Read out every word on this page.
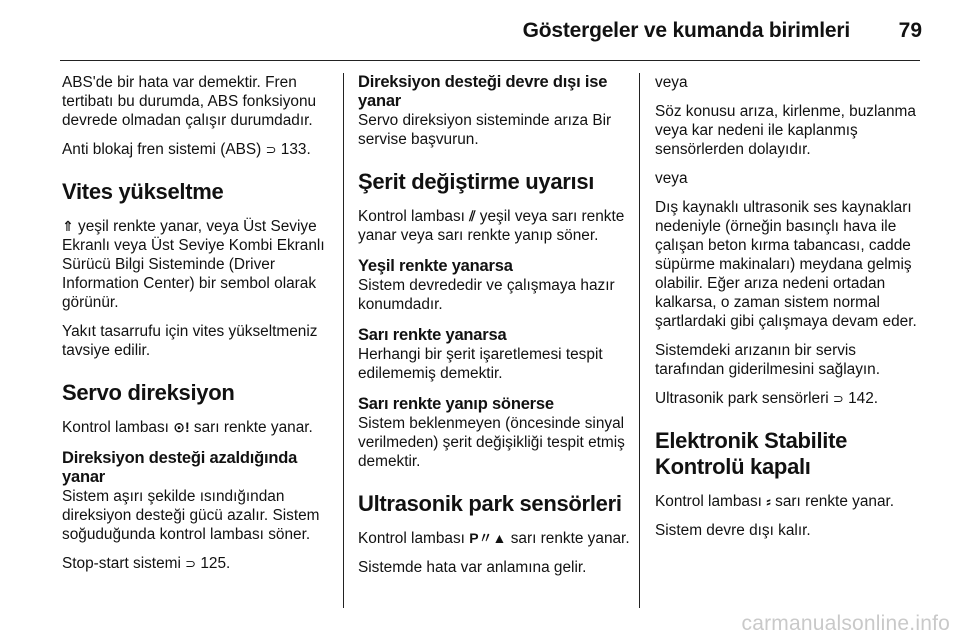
Göstergeler ve kumanda birimleri 79

ABS'de bir hata var demektir. Fren tertibatı bu durumda, ABS fonksiyonu devrede olmadan çalışır durumdadır.

Anti blokaj fren sistemi (ABS) ⊃ 133.

Vites yükseltme

⇑ yeşil renkte yanar, veya Üst Seviye Ekranlı veya Üst Seviye Kombi Ekranlı Sürücü Bilgi Sisteminde (Driver Information Center) bir sembol olarak görünür.

Yakıt tasarrufu için vites yükseltmeniz tavsiye edilir.

Servo direksiyon

Kontrol lambası ⊙! sarı renkte yanar.

Direksiyon desteği azaldığında yanar

Sistem aşırı şekilde ısındığından direksiyon desteği gücü azalır. Sistem soğuduğunda kontrol lambası söner.

Stop-start sistemi ⊃ 125.

Direksiyon desteği devre dışı ise yanar

Servo direksiyon sisteminde arıza Bir servise başvurun.

Şerit değiştirme uyarısı

Kontrol lambası ⫽ yeşil veya sarı renkte yanar veya sarı renkte yanıp söner.

Yeşil renkte yanarsa

Sistem devrededir ve çalışmaya hazır konumdadır.

Sarı renkte yanarsa

Herhangi bir şerit işaretlemesi tespit edilememiş demektir.

Sarı renkte yanıp sönerse

Sistem beklenmeyen (öncesinde sinyal verilmeden) şerit değişikliği tespit etmiş demektir.

Ultrasonik park sensörleri

Kontrol lambası P〃▲ sarı renkte yanar.

Sistemde hata var anlamına gelir.

veya

Söz konusu arıza, kirlenme, buzlanma veya kar nedeni ile kaplanmış sensörlerden dolayıdır.

veya

Dış kaynaklı ultrasonik ses kaynakları nedeniyle (örneğin basınçlı hava ile çalışan beton kırma tabancası, cadde süpürme makinaları) meydana gelmiş olabilir. Eğer arıza nedeni ortadan kalkarsa, o zaman sistem normal şartlardaki gibi çalışmaya devam eder.

Sistemdeki arızanın bir servis tarafından giderilmesini sağlayın.

Ultrasonik park sensörleri ⊃ 142.

Elektronik Stabilite Kontrolü kapalı

Kontrol lambası ⸗ sarı renkte yanar.

Sistem devre dışı kalır.

carmanualsonline.info
